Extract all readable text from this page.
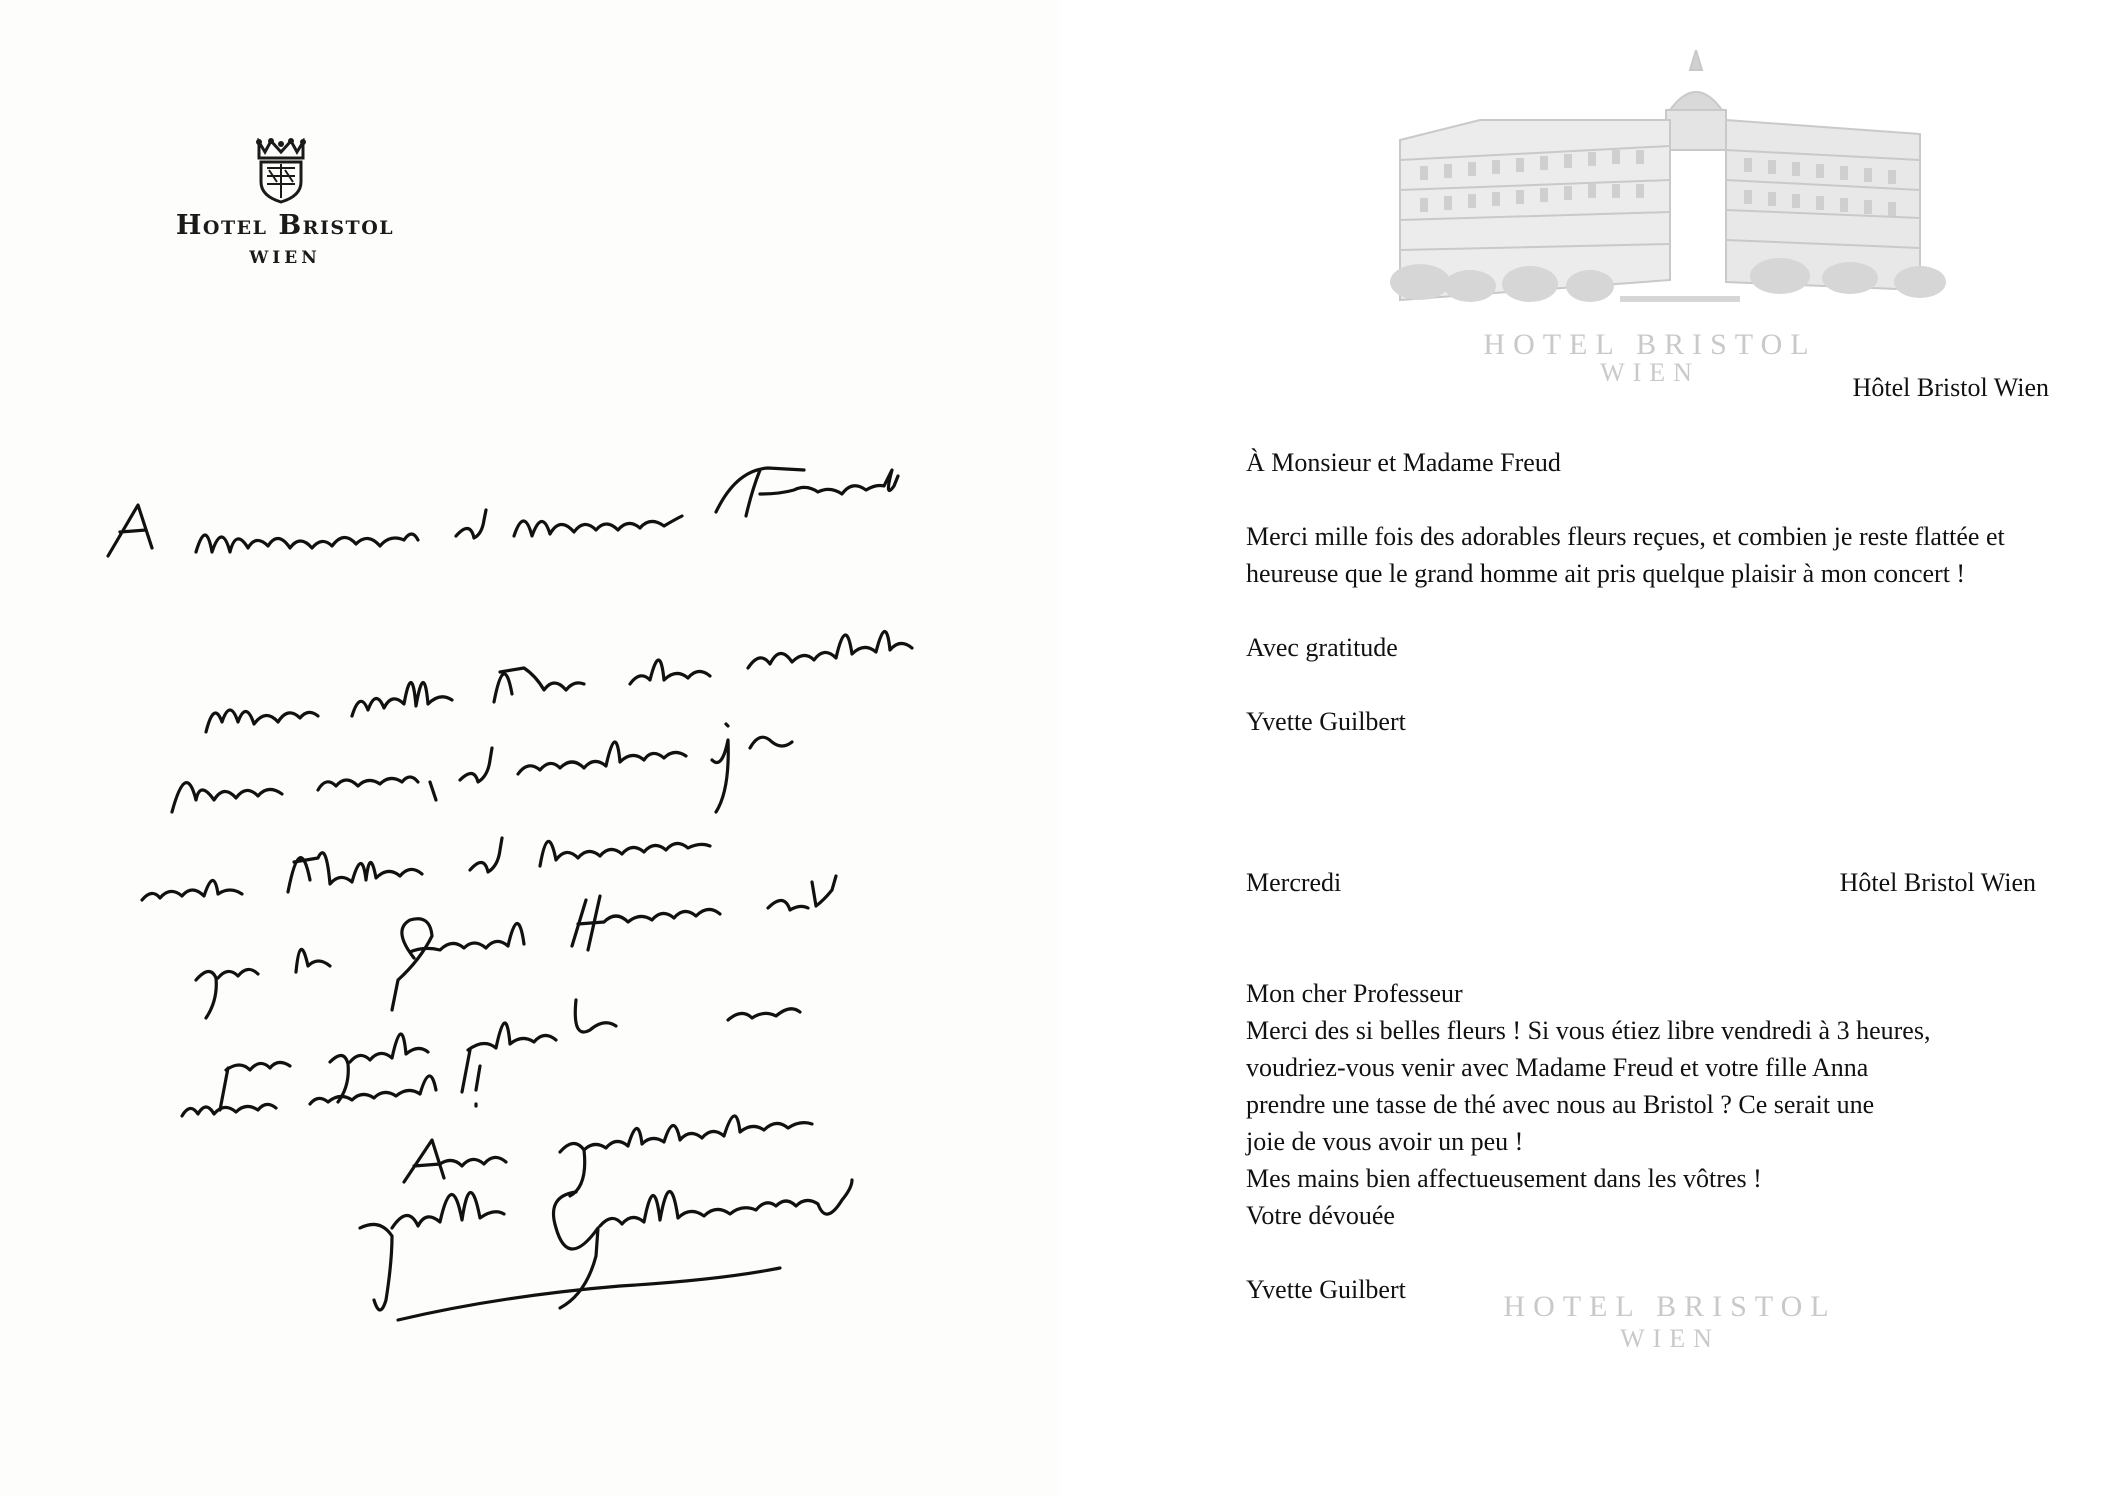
Hotel Bristol
WIEN
HOTEL BRISTOL
WIEN
Hôtel Bristol Wien
À Monsieur et Madame Freud
Merci mille fois des adorables fleurs reçues, et combien je reste flattée et heureuse que le grand homme ait pris quelque plaisir à mon concert !
Avec gratitude
Yvette Guilbert
Mercredi	Hôtel Bristol Wien
Mon cher Professeur
Merci des si belles fleurs ! Si vous étiez libre vendredi à 3 heures,
voudriez-vous venir avec Madame Freud et votre fille Anna
prendre une tasse de thé avec nous au Bristol ? Ce serait une
joie de vous avoir un peu !
Mes mains bien affectueusement dans les vôtres !
Votre dévouée
Yvette Guilbert
HOTEL BRISTOL
WIEN
